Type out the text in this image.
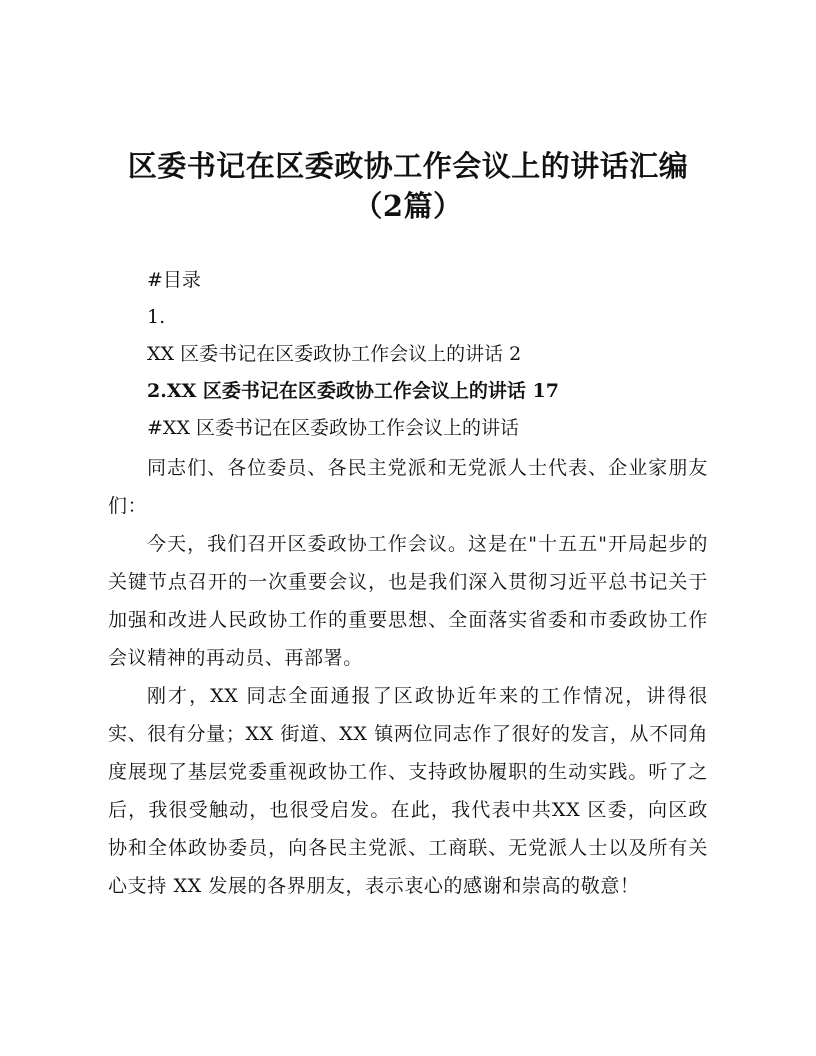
区委书记在区委政协工作会议上的讲话汇编（2篇）
#目录
1.
XX 区委书记在区委政协工作会议上的讲话 2
2.XX 区委书记在区委政协工作会议上的讲话 17
#XX 区委书记在区委政协工作会议上的讲话

同志们、各位委员、各民主党派和无党派人士代表、企业家朋友们：

今天，我们召开区委政协工作会议。这是在"十五五"开局起步的关键节点召开的一次重要会议，也是我们深入贯彻习近平总书记关于加强和改进人民政协工作的重要思想、全面落实省委和市委政协工作会议精神的再动员、再部署。

刚才，XX 同志全面通报了区政协近年来的工作情况，讲得很实、很有分量；XX 街道、XX 镇两位同志作了很好的发言，从不同角度展现了基层党委重视政协工作、支持政协履职的生动实践。听了之后，我很受触动，也很受启发。在此，我代表中共XX 区委，向区政协和全体政协委员，向各民主党派、工商联、无党派人士以及所有关心支持 XX 发展的各界朋友，表示衷心的感谢和崇高的敬意！
